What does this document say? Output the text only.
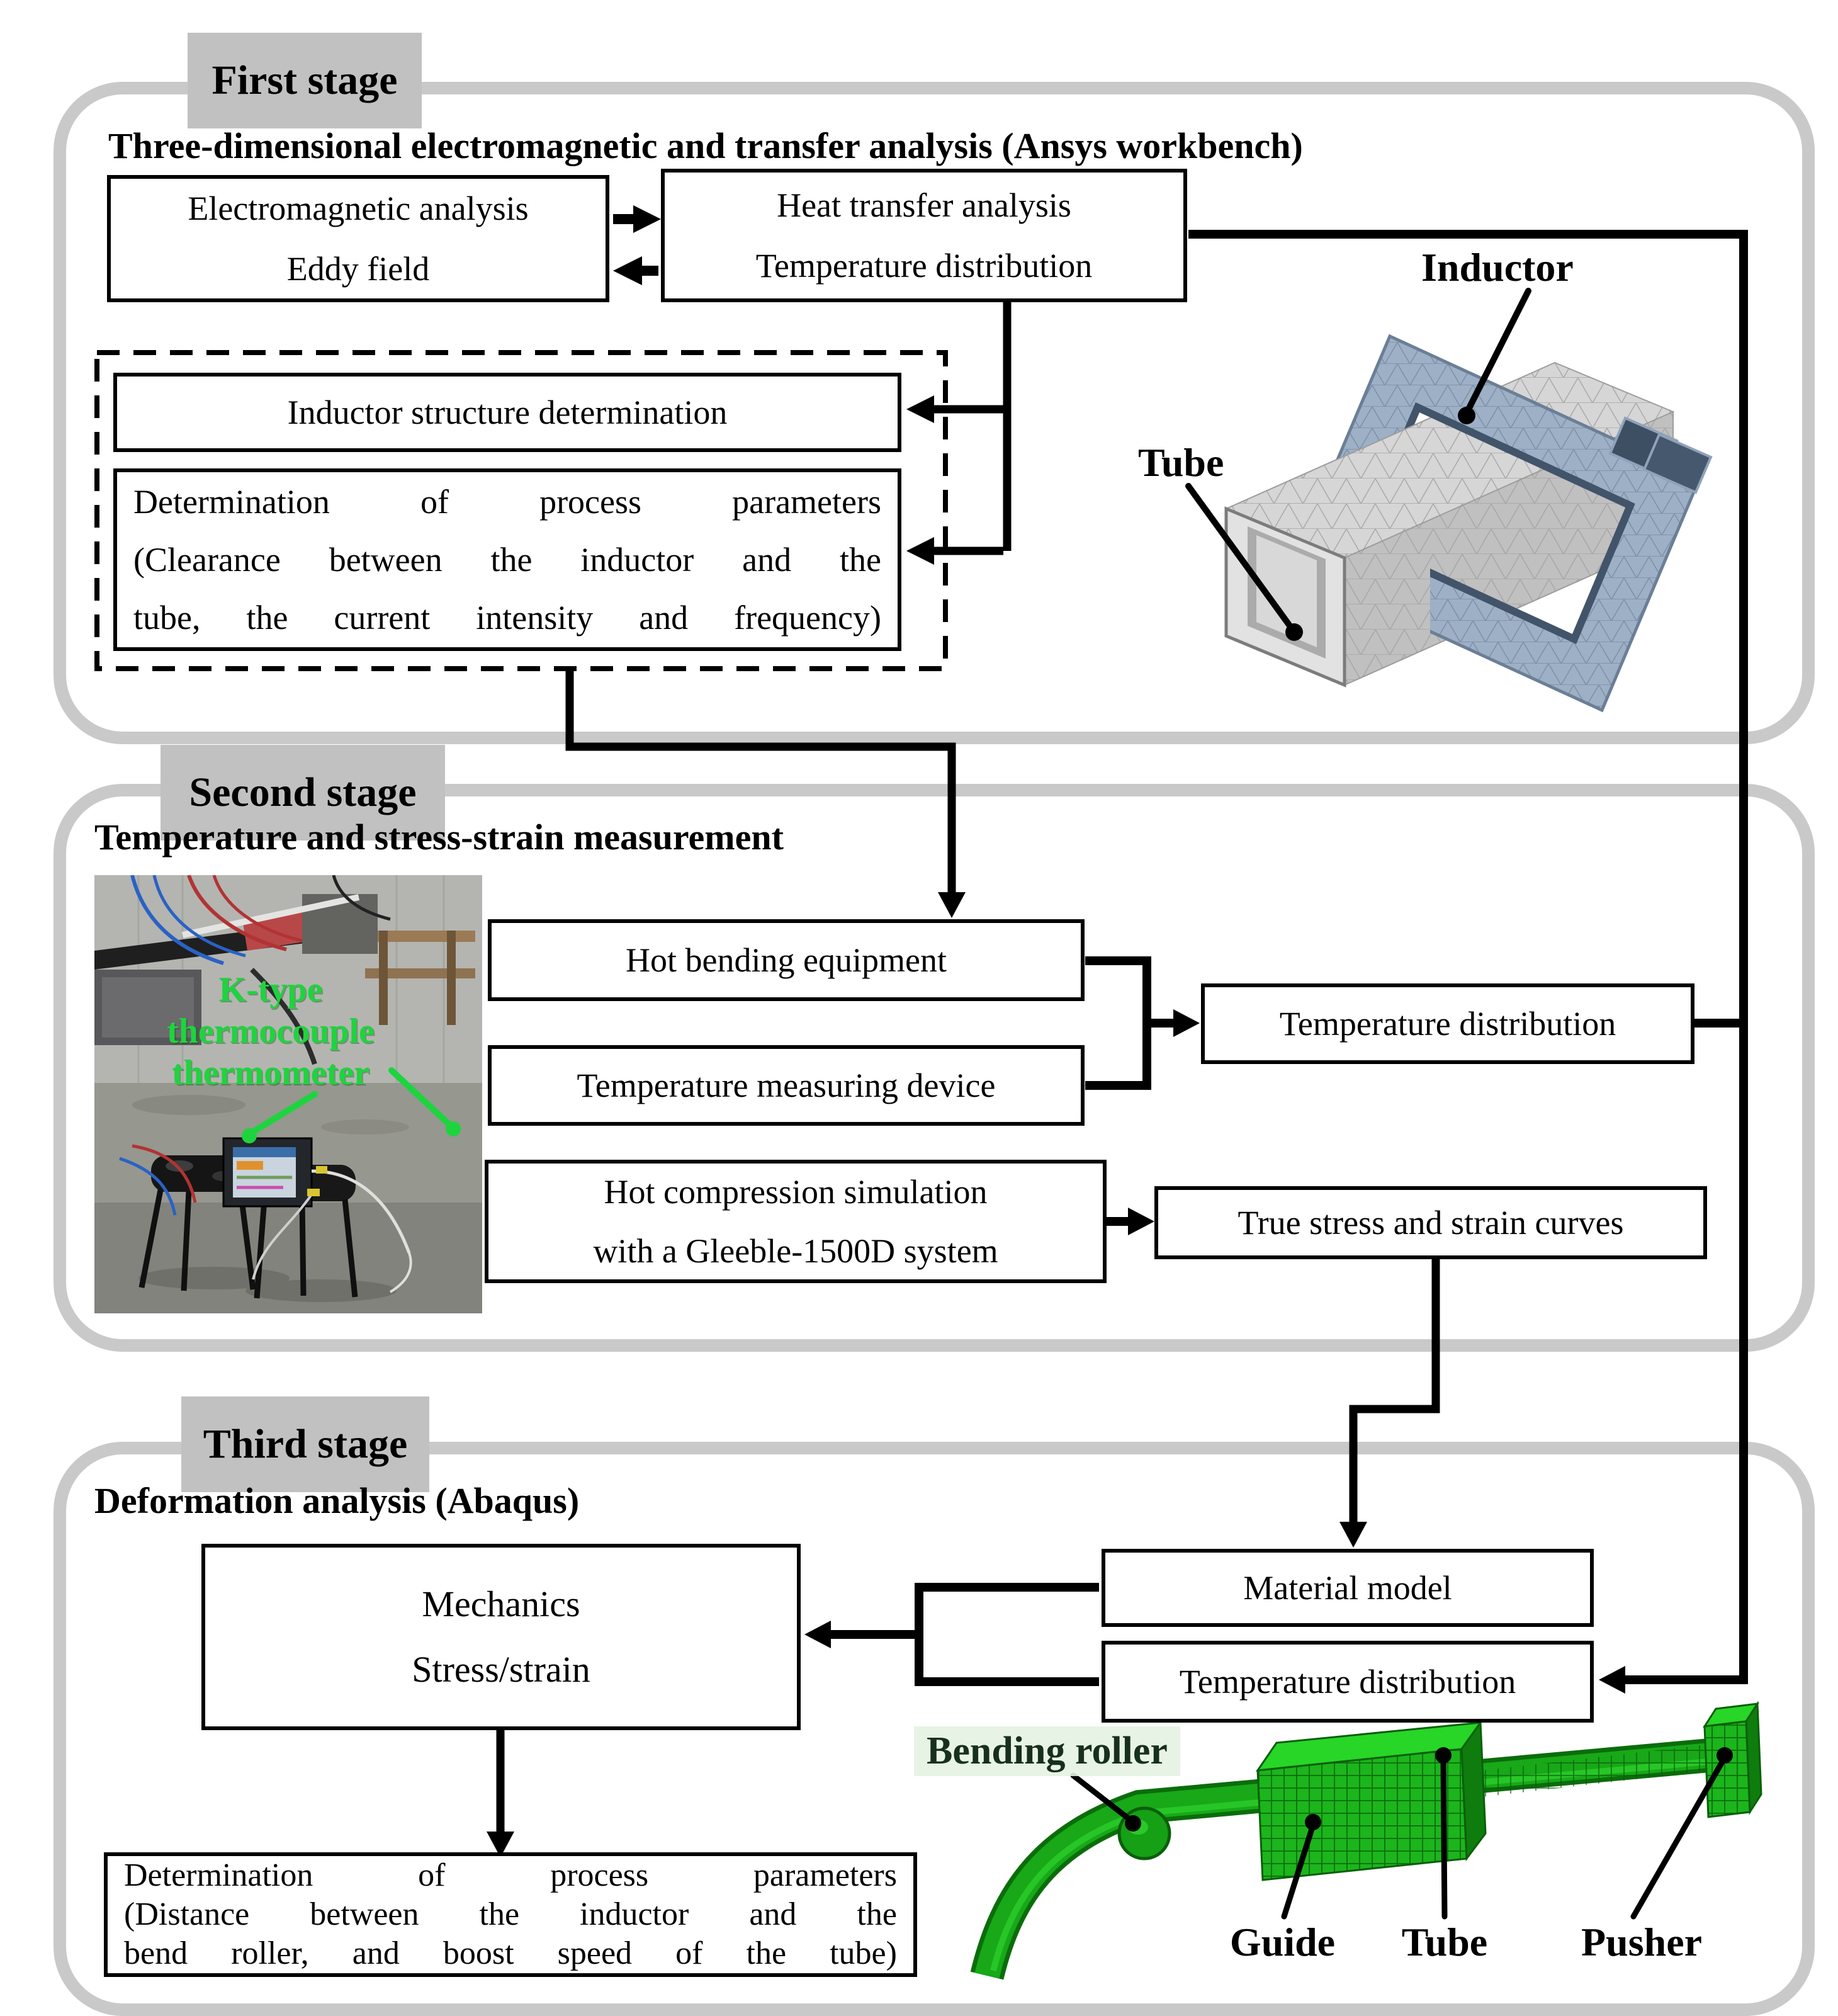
First stage
Second stage
Third stage
Three-dimensional electromagnetic and transfer analysis (Ansys workbench)
Temperature and stress-strain measurement
Deformation analysis (Abaqus)
K-type
thermocouple
thermometer
Electromagnetic analysis
Eddy field
Heat transfer analysis
Temperature distribution
Inductor structure determination
Determination	of	process	parameters
(Clearance between the inductor and the
tube, the current intensity and frequency)
Inductor
Tube
Hot bending equipment
Temperature measuring device
Temperature distribution
Hot compression simulation
with a Gleeble-1500D system
True stress and strain curves
Material model
Temperature distribution
Mechanics
Stress/strain
Determination	of	process	parameters
(Distance between the inductor and the
bend roller, and boost speed of the tube)
Bending roller
Guide	Tube	Pusher
